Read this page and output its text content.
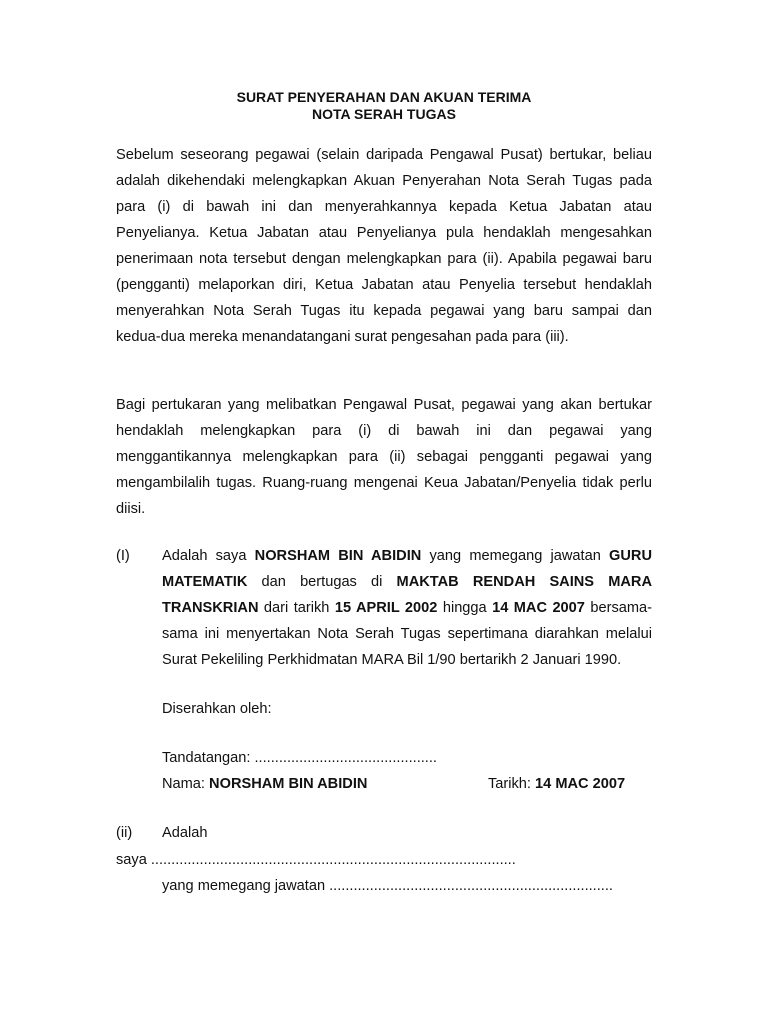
SURAT PENYERAHAN DAN AKUAN TERIMA
NOTA SERAH TUGAS

Sebelum seseorang pegawai (selain daripada Pengawal Pusat) bertukar, beliau adalah dikehendaki melengkapkan Akuan Penyerahan Nota Serah Tugas pada para (i) di bawah ini dan menyerahkannya kepada Ketua Jabatan atau Penyelianya. Ketua Jabatan atau Penyelianya pula hendaklah mengesahkan penerimaan nota tersebut dengan melengkapkan para (ii). Apabila pegawai baru (pengganti) melaporkan diri, Ketua Jabatan atau Penyelia tersebut hendaklah menyerahkan Nota Serah Tugas itu kepada pegawai yang baru sampai dan kedua-dua mereka menandatangani surat pengesahan pada para (iii).

Bagi pertukaran yang melibatkan Pengawal Pusat, pegawai yang akan bertukar hendaklah melengkapkan para (i) di bawah ini dan pegawai yang menggantikannya melengkapkan para (ii) sebagai pengganti pegawai yang mengambilalih tugas. Ruang-ruang mengenai Keua Jabatan/Penyelia tidak perlu diisi.

(I) Adalah saya NORSHAM BIN ABIDIN yang memegang jawatan GURU MATEMATIK dan bertugas di MAKTAB RENDAH SAINS MARA TRANSKRIAN dari tarikh 15 APRIL 2002 hingga 14 MAC 2007 bersama-sama ini menyertakan Nota Serah Tugas sepertimana diarahkan melalui Surat Pekeliling Perkhidmatan MARA Bil 1/90 bertarikh 2 Januari 1990.

Diserahkan oleh:
Tandatangan: .............................................
Nama: NORSHAM BIN ABIDIN	Tarikh: 14 MAC 2007
(ii) Adalah
saya ..........................................................................................
yang memegang jawatan ......................................................................
